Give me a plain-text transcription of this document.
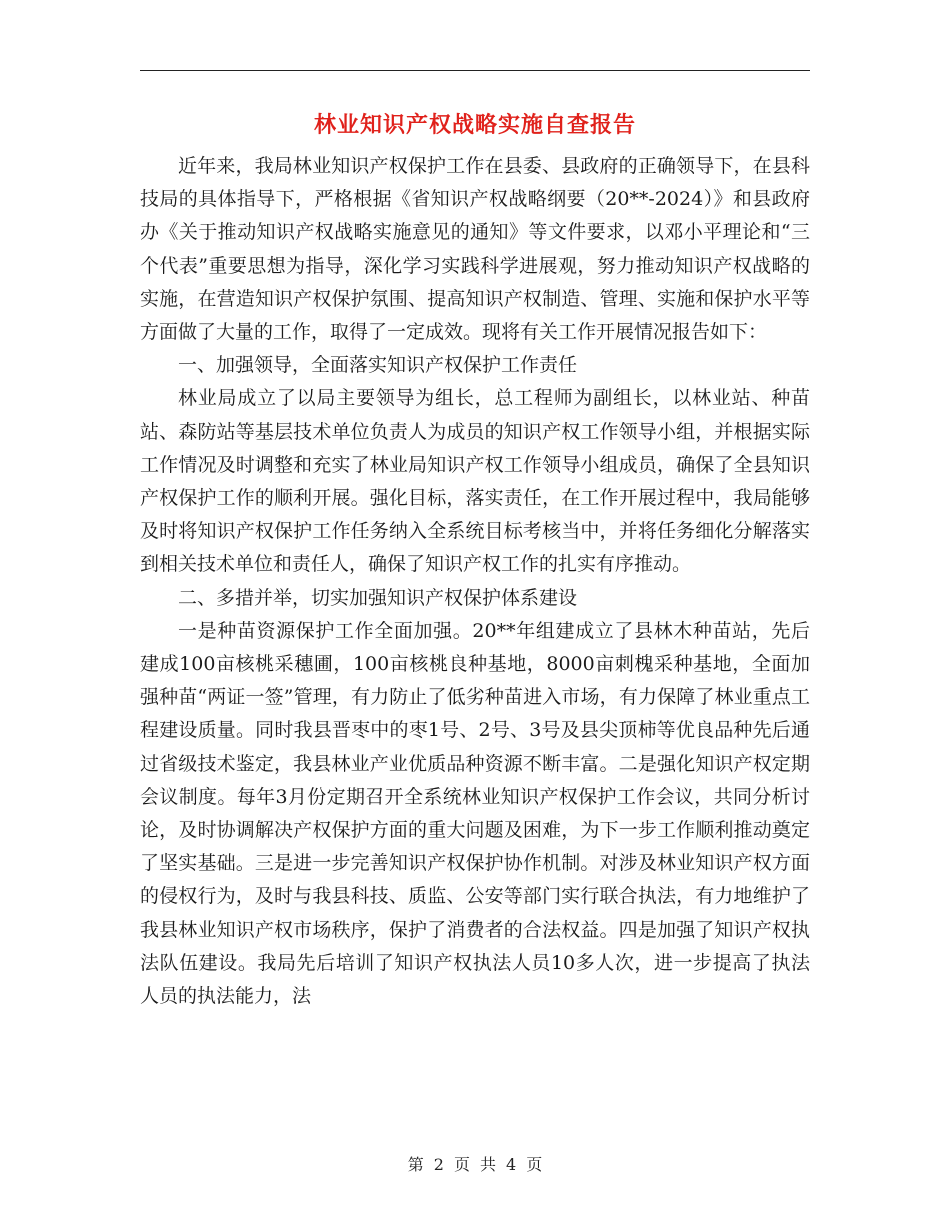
林业知识产权战略实施自查报告

近年来，我局林业知识产权保护工作在县委、县政府的正确领导下，在县科技局的具体指导下，严格根据《省知识产权战略纲要（20**-2024）》和县政府办《关于推动知识产权战略实施意见的通知》等文件要求，以邓小平理论和“三个代表”重要思想为指导，深化学习实践科学进展观，努力推动知识产权战略的实施，在营造知识产权保护氛围、提高知识产权制造、管理、实施和保护水平等方面做了大量的工作，取得了一定成效。现将有关工作开展情况报告如下：

一、加强领导，全面落实知识产权保护工作责任

林业局成立了以局主要领导为组长，总工程师为副组长，以林业站、种苗站、森防站等基层技术单位负责人为成员的知识产权工作领导小组，并根据实际工作情况及时调整和充实了林业局知识产权工作领导小组成员，确保了全县知识产权保护工作的顺利开展。强化目标，落实责任，在工作开展过程中，我局能够及时将知识产权保护工作任务纳入全系统目标考核当中，并将任务细化分解落实到相关技术单位和责任人，确保了知识产权工作的扎实有序推动。

二、多措并举，切实加强知识产权保护体系建设

一是种苗资源保护工作全面加强。20**年组建成立了县林木种苗站，先后建成100亩核桃采穗圃，100亩核桃良种基地，8000亩刺槐采种基地，全面加强种苗“两证一签”管理，有力防止了低劣种苗进入市场，有力保障了林业重点工程建设质量。同时我县晋枣中的枣1号、2号、3号及县尖顶柿等优良品种先后通过省级技术鉴定，我县林业产业优质品种资源不断丰富。二是强化知识产权定期会议制度。每年3月份定期召开全系统林业知识产权保护工作会议，共同分析讨论，及时协调解决产权保护方面的重大问题及困难，为下一步工作顺利推动奠定了坚实基础。三是进一步完善知识产权保护协作机制。对涉及林业知识产权方面的侵权行为，及时与我县科技、质监、公安等部门实行联合执法，有力地维护了我县林业知识产权市场秩序，保护了消费者的合法权益。四是加强了知识产权执法队伍建设。我局先后培训了知识产权执法人员10多人次，进一步提高了执法人员的执法能力，法

第 2 页 共 4 页
